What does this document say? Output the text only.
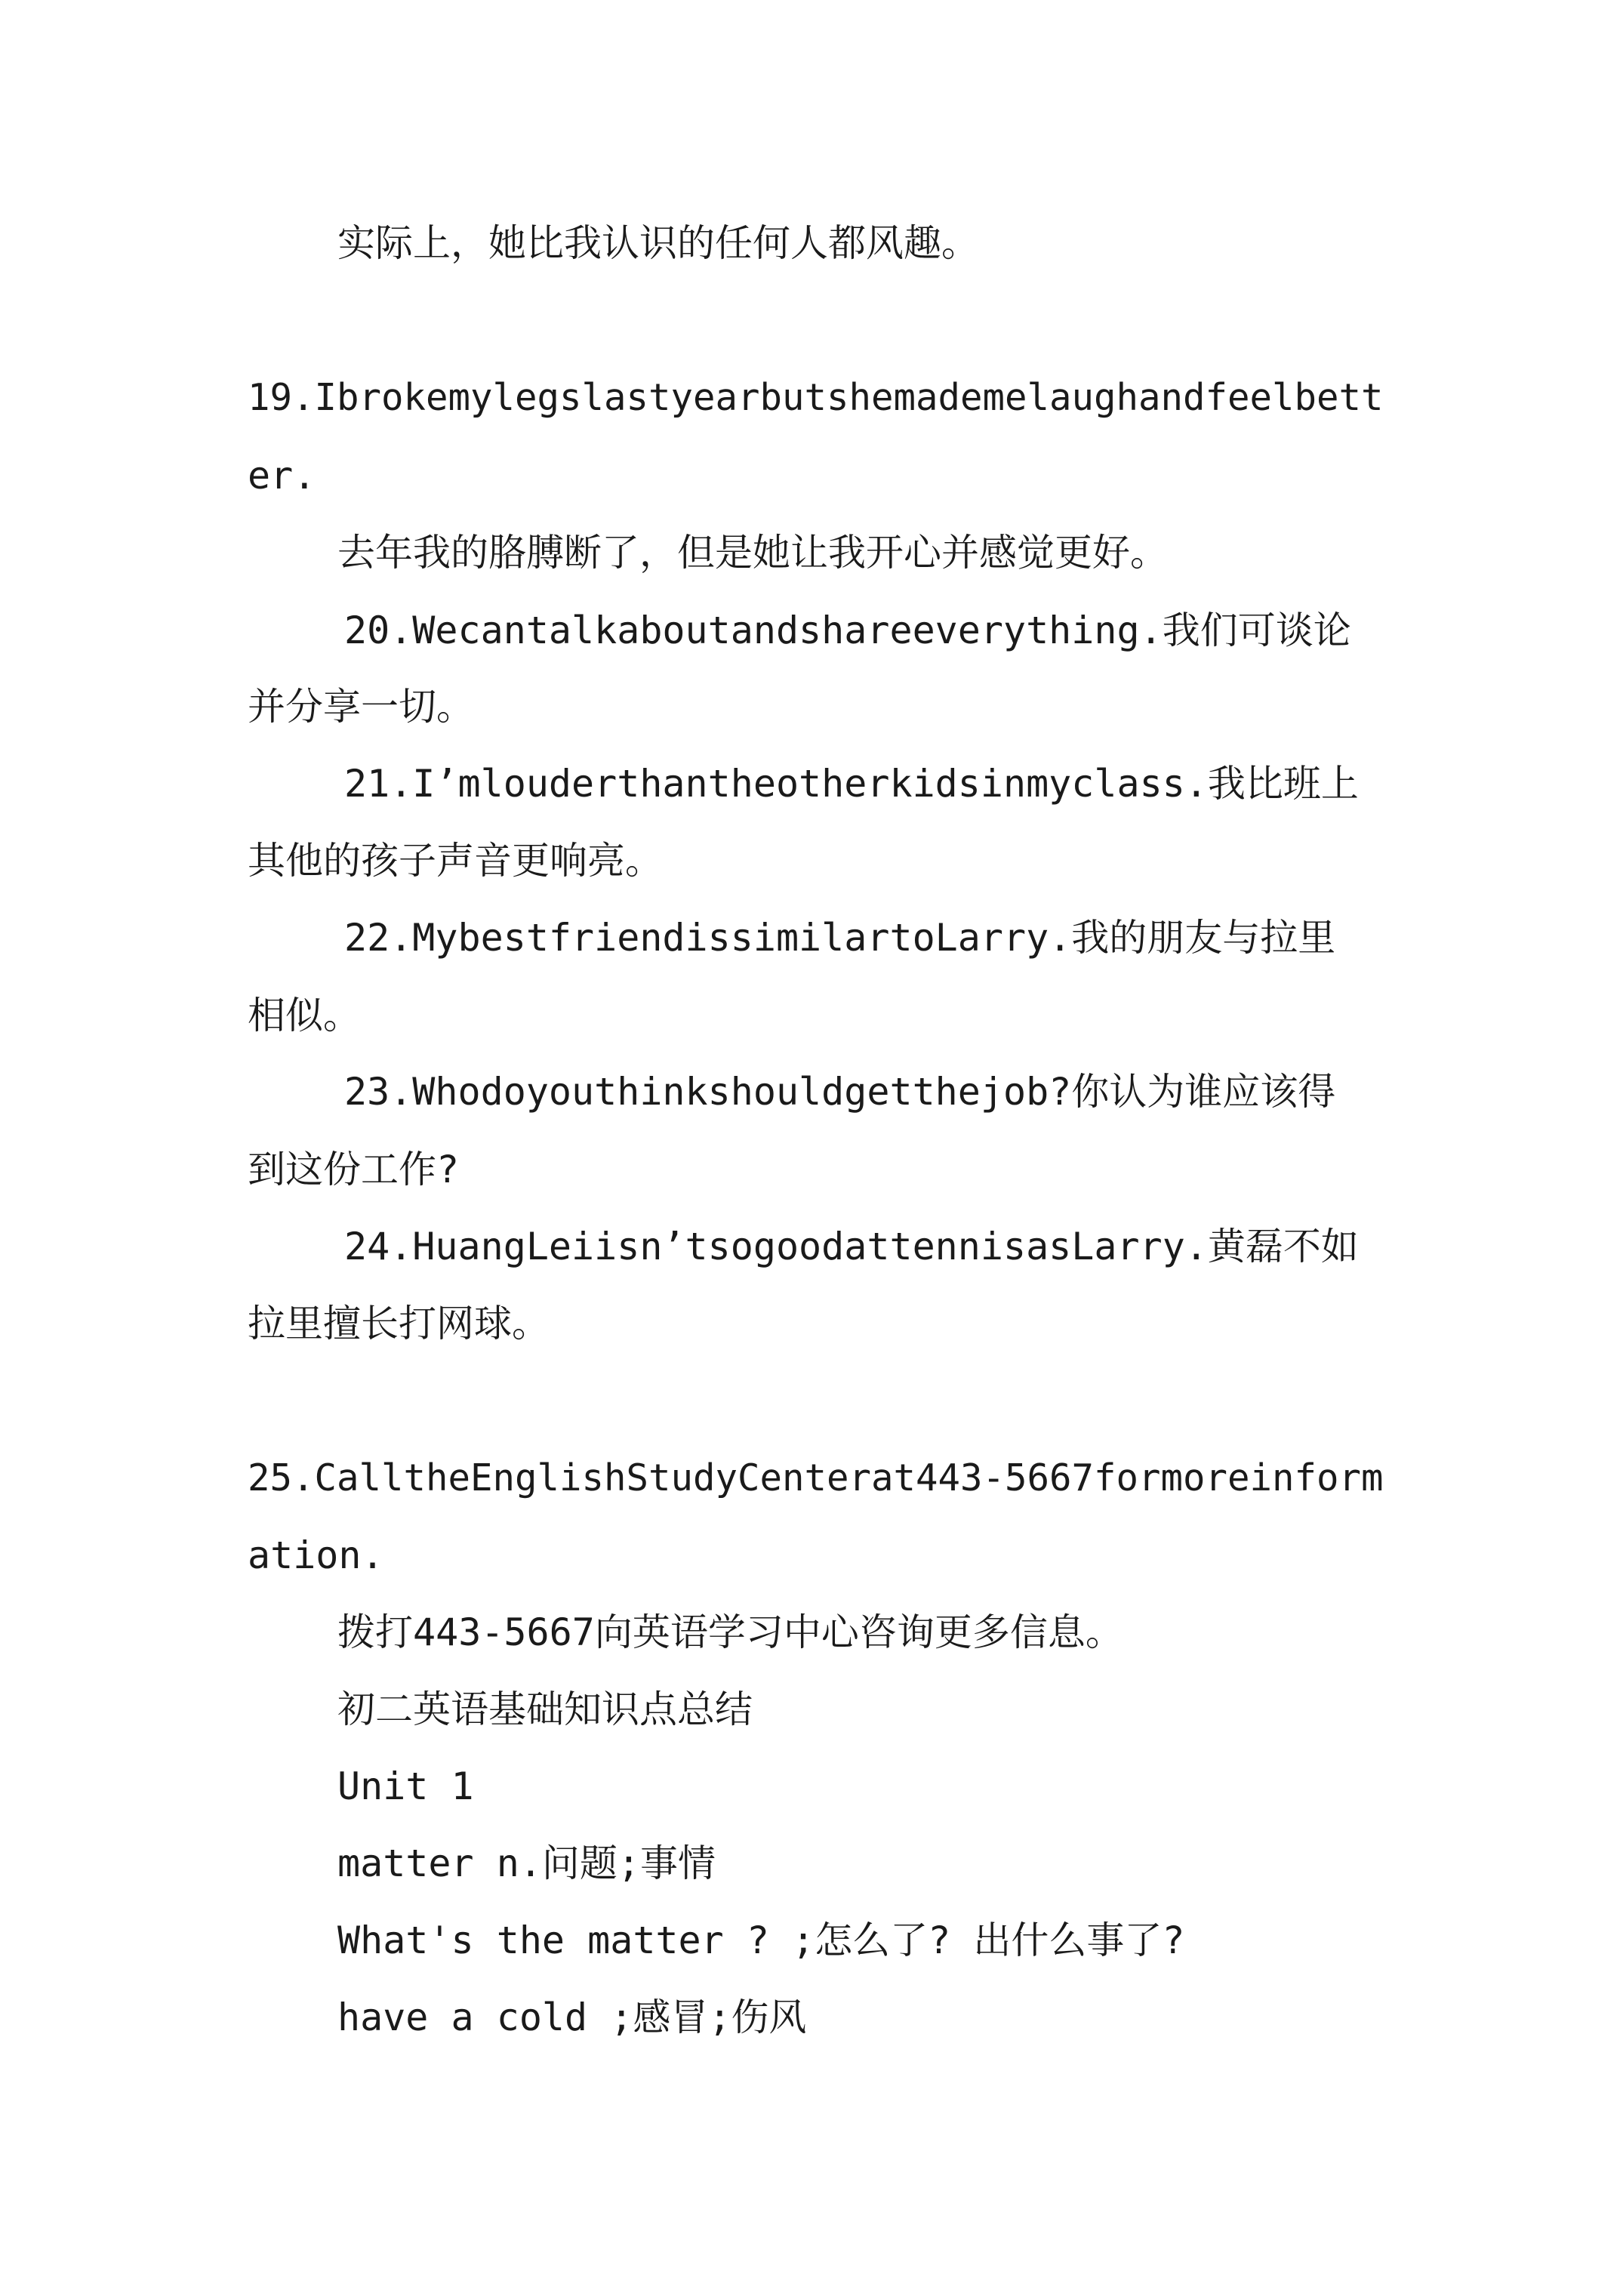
实际上，她比我认识的任何人都风趣。
19.Ibrokemylegslastyearbutshemademelaughandfeelbett
er.
去年我的胳膊断了，但是她让我开心并感觉更好。
20.Wecantalkaboutandshareeverything.我们可谈论
并分享一切。
21.I’mlouderthantheotherkidsinmyclass.我比班上
其他的孩子声音更响亮。
22.MybestfriendissimilartoLarry.我的朋友与拉里
相似。
23.Whodoyouthinkshouldgetthejob?你认为谁应该得
到这份工作?
24.HuangLeiisn’tsogoodattennisasLarry.黄磊不如
拉里擅长打网球。
25.CalltheEnglishStudyCenterat443-5667formoreinform
ation.
拨打443-5667向英语学习中心咨询更多信息。
初二英语基础知识点总结
Unit 1
matter n.问题;事情
What's the matter ? ;怎么了? 出什么事了?
have a cold ;感冒;伤风
